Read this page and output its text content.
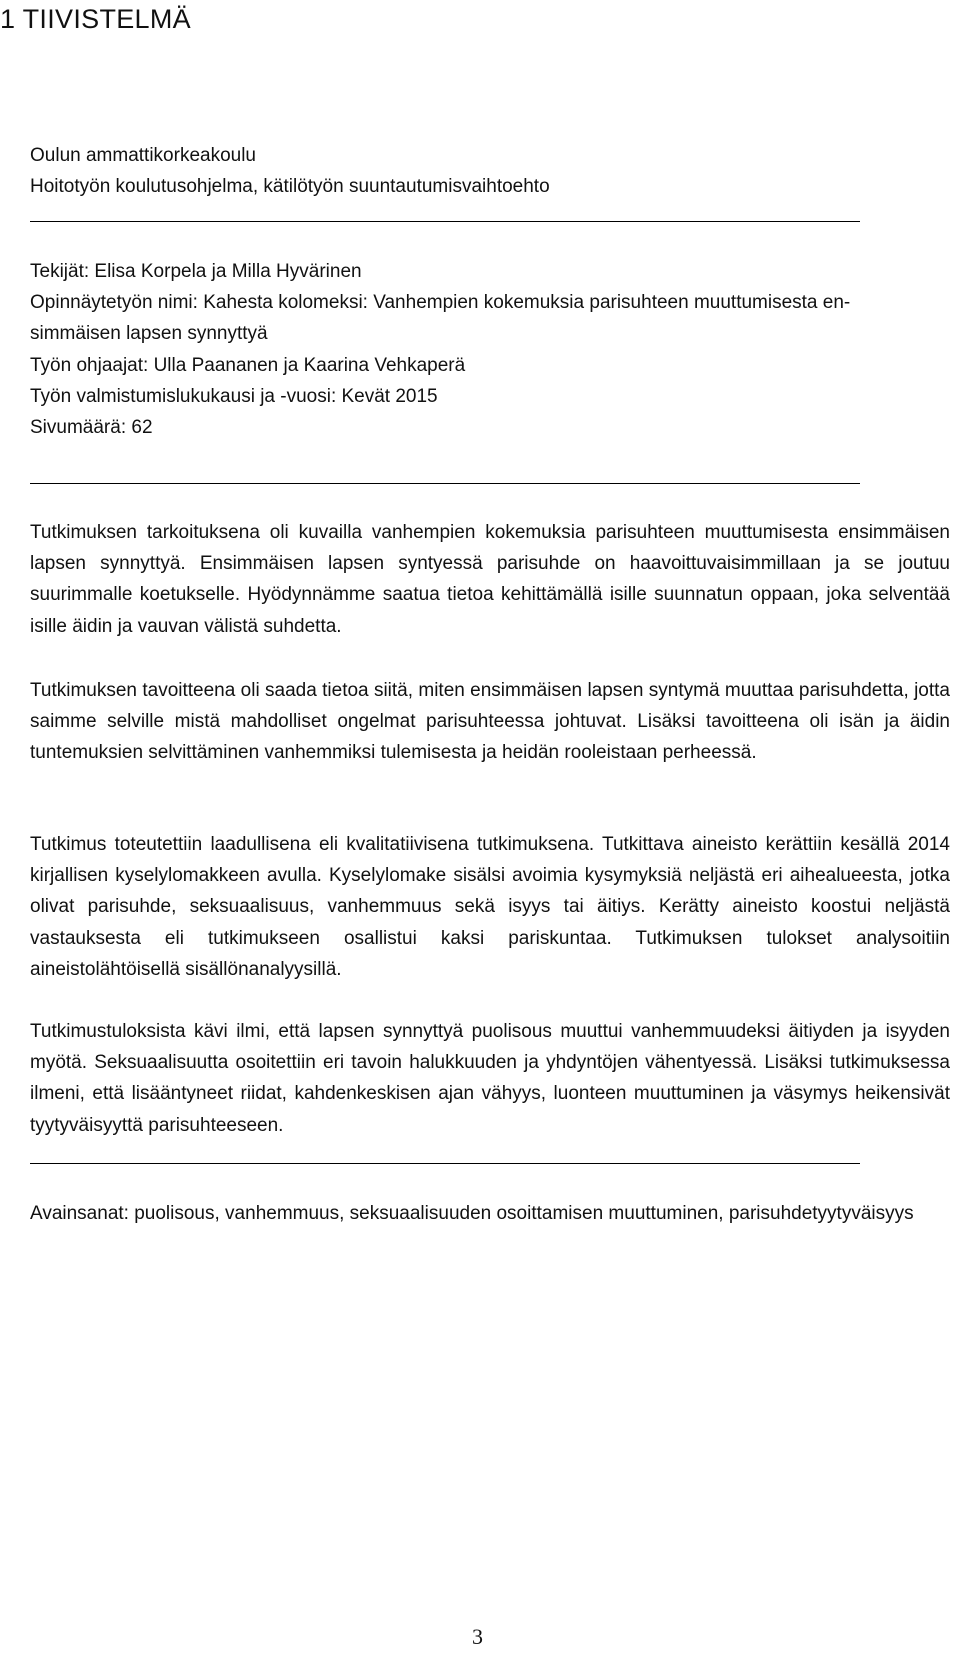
1 TIIVISTELMÄ

Oulun ammattikorkeakoulu

Hoitotyön koulutusohjelma, kätilötyön suuntautumisvaihtoehto

Tekijät: Elisa Korpela ja Milla Hyvärinen

Opinnäytetyön nimi: Kahesta kolomeksi: Vanhempien kokemuksia parisuhteen muuttumisesta en-

simmäisen lapsen synnyttyä

Työn ohjaajat: Ulla Paananen ja Kaarina Vehkaperä

Työn valmistumislukukausi ja -vuosi: Kevät 2015

Sivumäärä: 62

Tutkimuksen tarkoituksena oli kuvailla vanhempien kokemuksia parisuhteen muuttumisesta ensimmäisen lapsen synnyttyä. Ensimmäisen lapsen syntyessä parisuhde on haavoittuvaisimmillaan ja se joutuu suurimmalle koetukselle. Hyödynnämme saatua tietoa kehittämällä isille suunnatun oppaan, joka selventää isille äidin ja vauvan välistä suhdetta.

Tutkimuksen tavoitteena oli saada tietoa siitä, miten ensimmäisen lapsen syntymä muuttaa parisuhdetta, jotta saimme selville mistä mahdolliset ongelmat parisuhteessa johtuvat. Lisäksi tavoitteena oli isän ja äidin tuntemuksien selvittäminen vanhemmiksi tulemisesta ja heidän rooleistaan perheessä.

Tutkimus toteutettiin laadullisena eli kvalitatiivisena tutkimuksena. Tutkittava aineisto kerättiin kesällä 2014 kirjallisen kyselylomakkeen avulla. Kyselylomake sisälsi avoimia kysymyksiä neljästä eri aihealueesta, jotka olivat parisuhde, seksuaalisuus, vanhemmuus sekä isyys tai äitiys. Kerätty aineisto koostui neljästä vastauksesta eli tutkimukseen osallistui kaksi pariskuntaa. Tutkimuksen tulokset analysoitiin aineistolähtöisellä sisällönanalyysillä.

Tutkimustuloksista kävi ilmi, että lapsen synnyttyä puolisous muuttui vanhemmuudeksi äitiyden ja isyyden myötä. Seksuaalisuutta osoitettiin eri tavoin halukkuuden ja yhdyntöjen vähentyessä. Lisäksi tutkimuksessa ilmeni, että lisääntyneet riidat, kahdenkeskisen ajan vähyys, luonteen muuttuminen ja väsymys heikensivät tyytyväisyyttä parisuhteeseen.

Avainsanat: puolisous, vanhemmuus, seksuaalisuuden osoittamisen muuttuminen, parisuhdetyytyväisyys

3
